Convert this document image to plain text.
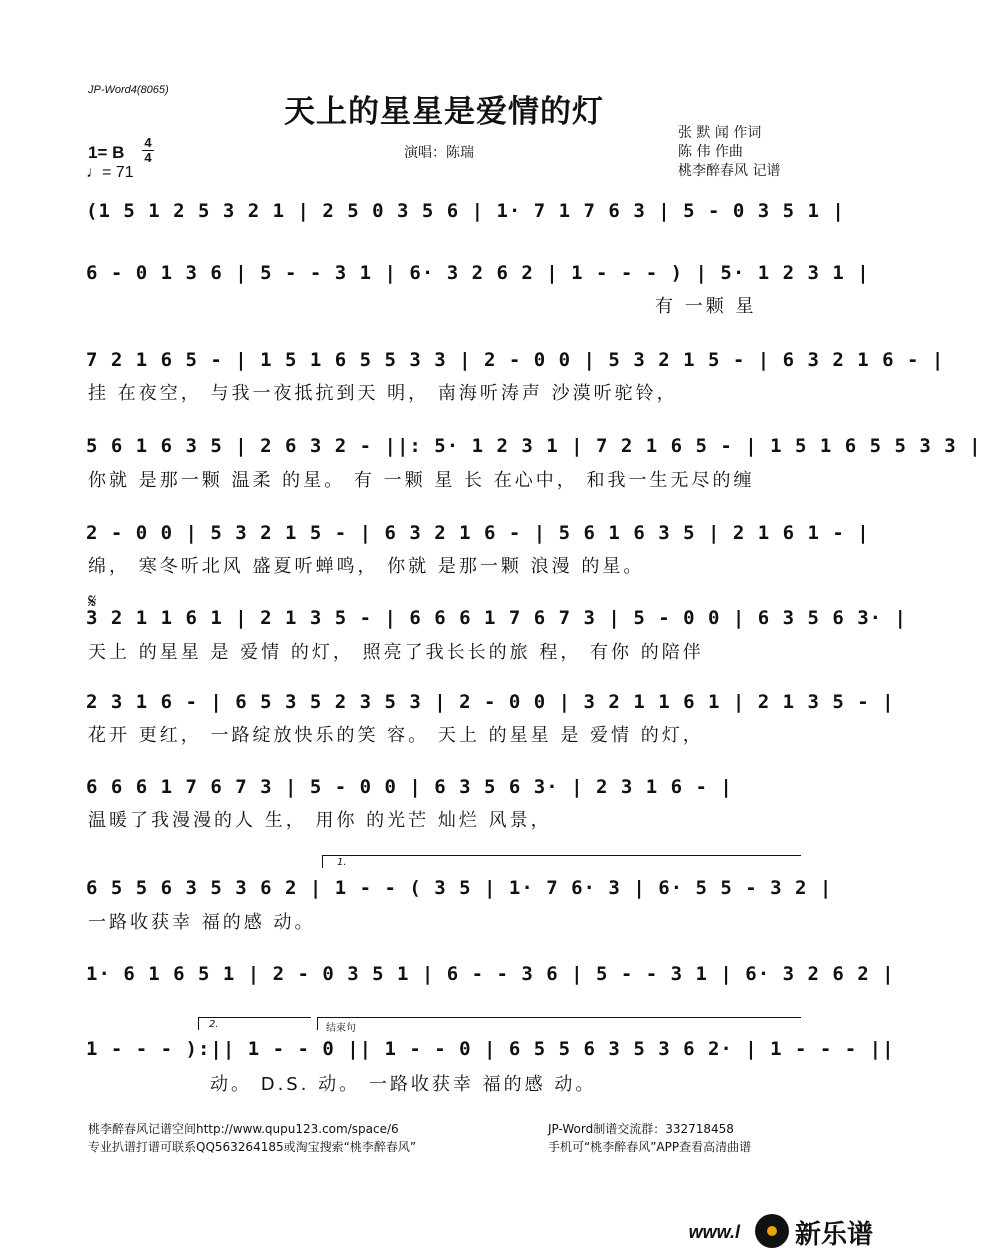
JP-Word4(8065)
天上的星星是爱情的灯
1= B
4
4
♩= 71
演唱：陈瑞
张 默 闻 作词
陈 伟 作曲
桃李醉春风 记谱
(1 5 1 2 5 3 2 1 | 2 5 0 3 5 6 | 1· 7 1 7 6 3 | 5 - 0 3 5 1 |
6 - 0 1 3 6 | 5 - - 3 1 | 6· 3 2 6 2 | 1 - - - ) | 5· 1 2 3 1 |
有 一颗 星
7 2 1 6 5 - | 1 5 1 6 5 5 3 3 | 2 - 0 0 | 5 3 2 1 5 - | 6 3 2 1 6 - |
挂 在夜空， 与我一夜抵抗到天 明， 南海听涛声 沙漠听驼铃，
5 6 1 6 3 5 | 2 6 3 2 - ||: 5· 1 2 3 1 | 7 2 1 6 5 - | 1 5 1 6 5 5 3 3 |
你就 是那一颗 温柔 的星。 有 一颗 星 长 在心中， 和我一生无尽的缠
2 - 0 0 | 5 3 2 1 5 - | 6 3 2 1 6 - | 5 6 1 6 3 5 | 2 1 6 1 - |
绵， 寒冬听北风 盛夏听蝉鸣， 你就 是那一颗 浪漫 的星。
𝄋
3 2 1 1 6 1 | 2 1 3 5 - | 6 6 6 1 7 6 7 3 | 5 - 0 0 | 6 3 5 6 3· |
天上 的星星 是 爱情 的灯， 照亮了我长长的旅 程， 有你 的陪伴
2 3 1 6 - | 6 5 3 5 2 3 5 3 | 2 - 0 0 | 3 2 1 1 6 1 | 2 1 3 5 - |
花开 更红， 一路绽放快乐的笑 容。 天上 的星星 是 爱情 的灯，
6 6 6 1 7 6 7 3 | 5 - 0 0 | 6 3 5 6 3· | 2 3 1 6 - |
温暖了我漫漫的人 生， 用你 的光芒 灿烂 风景，
1.
6 5 5 6 3 5 3 6 2 | 1 - - ( 3 5 | 1· 7 6· 3 | 6· 5 5 - 3 2 |
一路收获幸 福的感 动。
1· 6 1 6 5 1 | 2 - 0 3 5 1 | 6 - - 3 6 | 5 - - 3 1 | 6· 3 2 6 2 |
2.	结束句
1 - - - ):|| 1 - - 0 || 1 - - 0 | 6 5 5 6 3 5 3 6 2· | 1 - - - ||
动。 D.S. 动。 一路收获幸 福的感 动。
桃李醉春风记谱空间http://www.qupu123.com/space/6
专业扒谱打谱可联系QQ563264185或淘宝搜索“桃李醉春风”
JP-Word制谱交流群：332718458
手机可“桃李醉春风”APP查看高清曲谱
www.l 新乐谱
